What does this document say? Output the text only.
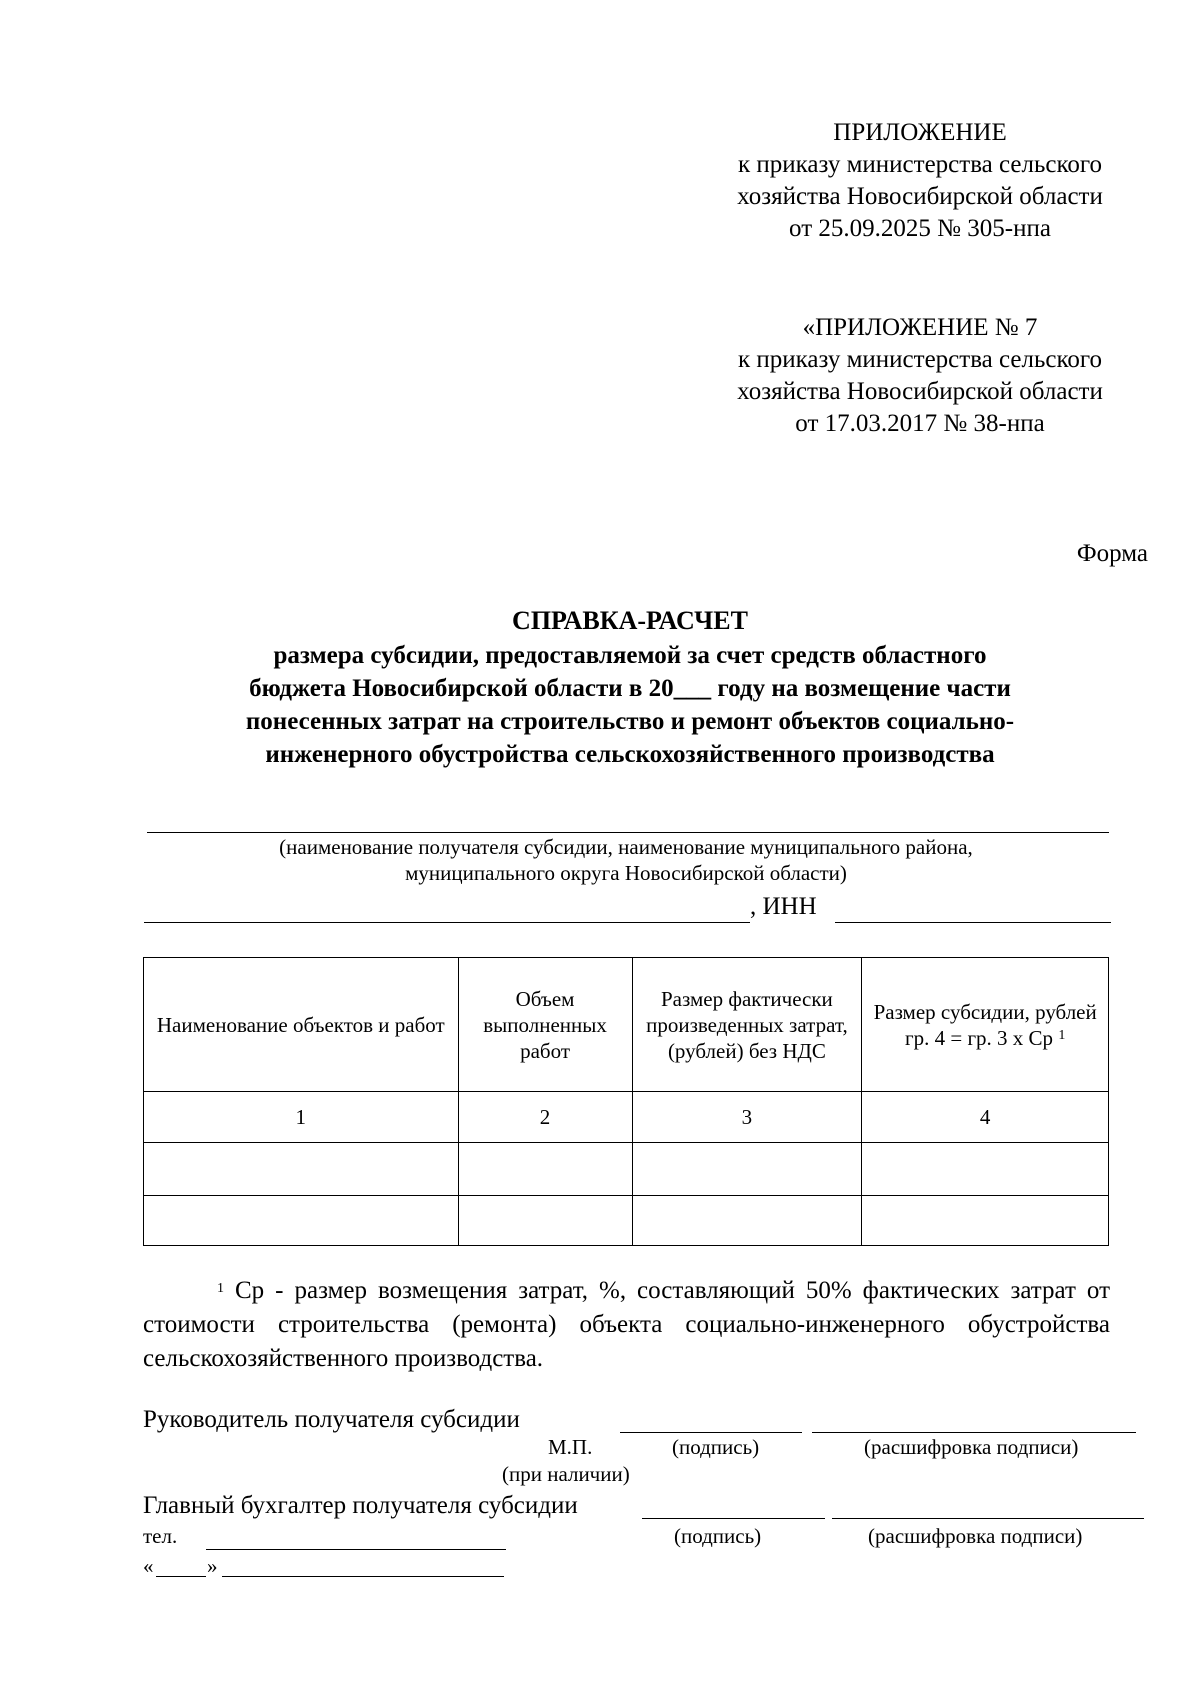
ПРИЛОЖЕНИЕ
к приказу министерства сельского
хозяйства Новосибирской области
от 25.09.2025 № 305-нпа
«ПРИЛОЖЕНИЕ № 7
к приказу министерства сельского
хозяйства Новосибирской области
от 17.03.2017 № 38-нпа
Форма
СПРАВКА-РАСЧЕТ
размера субсидии, предоставляемой за счет средств областного
бюджета Новосибирской области в 20___ году на возмещение части
понесенных затрат на строительство и ремонт объектов социально-
инженерного обустройства сельскохозяйственного производства
(наименование получателя субсидии, наименование муниципального района,
муниципального округа Новосибирской области)
, ИНН
Наименование объектов и работ	Объем выполненных работ	Размер фактически произведенных затрат, (рублей) без НДС	Размер субсидии, рублей
гр. 4 = гр. 3 х Ср $^1$
1	2	3	4

$^1$ Ср - размер возмещения затрат, %, составляющий 50% фактических затрат от стоимости строительства (ремонта) объекта социально-инженерного обустройства сельскохозяйственного производства.
Руководитель получателя субсидии
М.П.	(подпись)	(расшифровка подписи)
(при наличии)
Главный бухгалтер получателя субсидии
тел.	(подпись)	(расшифровка подписи)
«	»
